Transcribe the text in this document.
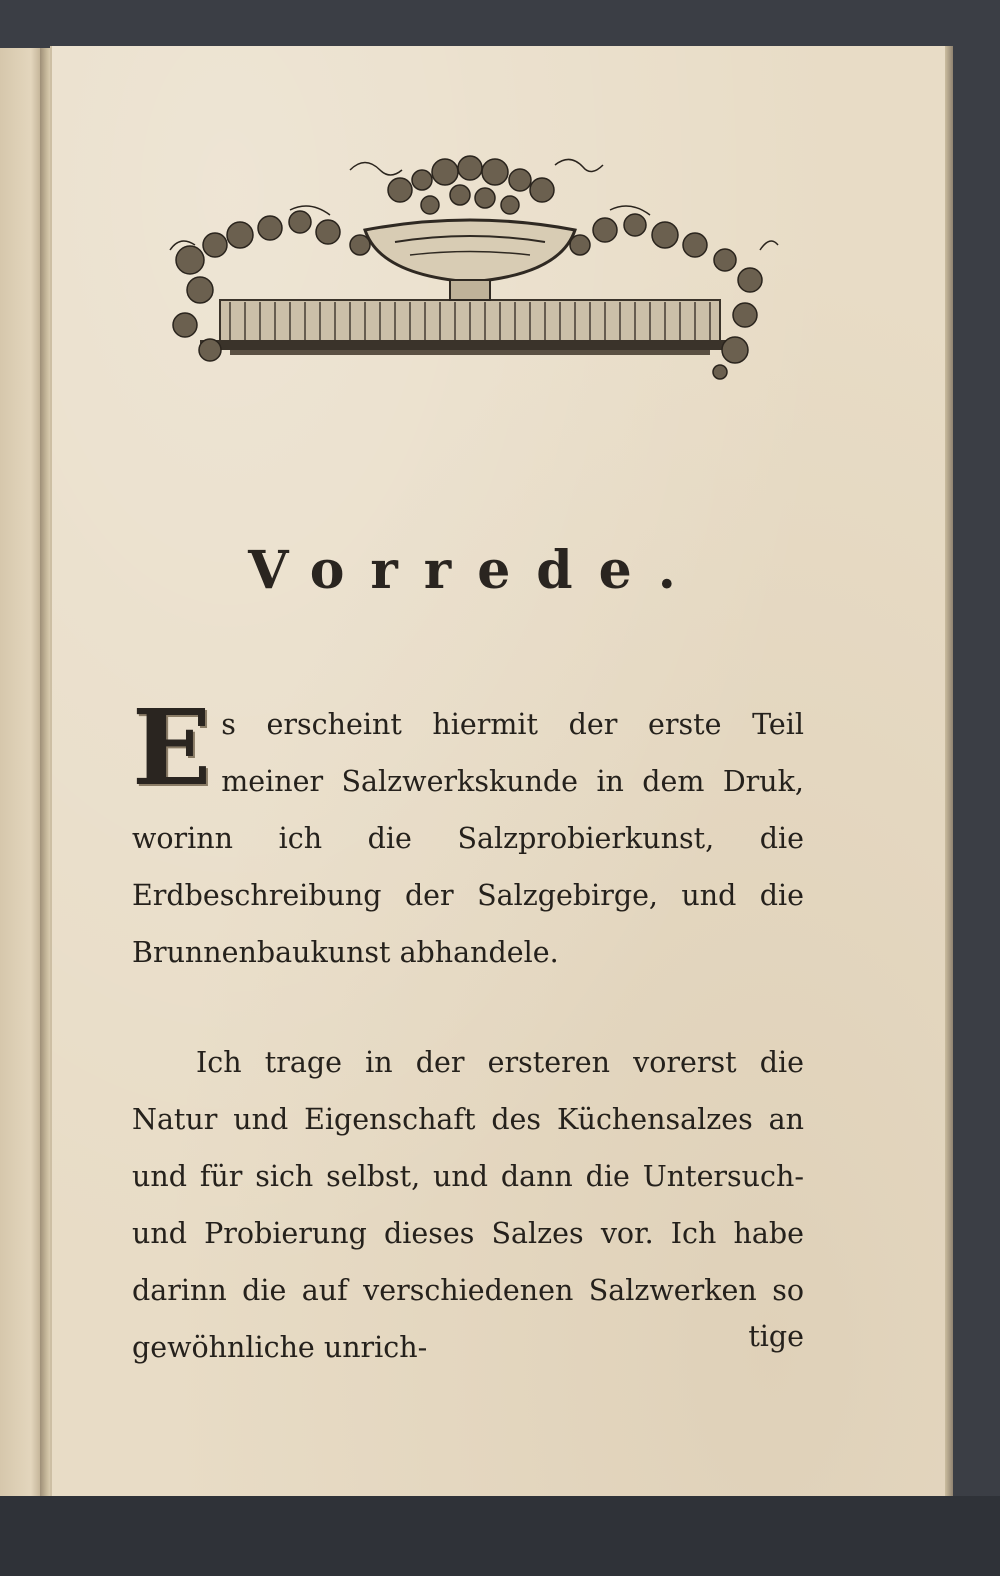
Vorrede.
Es erscheint hiermit der erste Teil meiner Salzwerkskunde in dem Druk, worinn ich die Salzprobierkunst, die Erdbeschreibung der Salzgebirge, und die Brunnenbaukunst abhandele.
Ich trage in der ersteren vorerst die Natur und Eigenschaft des Küchensalzes an und für sich selbst, und dann die Untersuch- und Probierung dieses Salzes vor. Ich habe darinn die auf verschiedenen Salzwerken so gewöhnliche unrich-	tige
